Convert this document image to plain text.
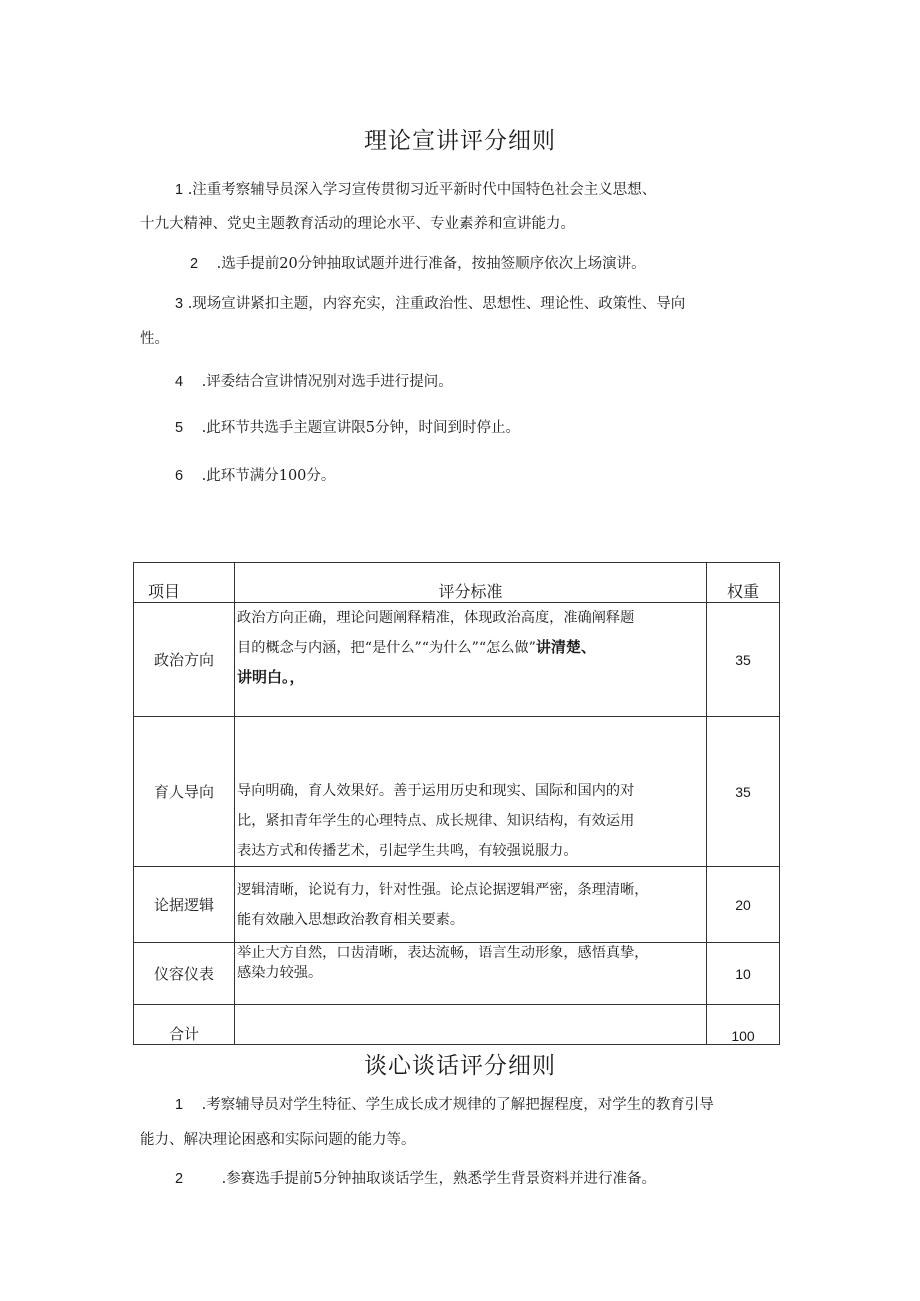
理论宣讲评分细则
1 .注重考察辅导员深入学习宣传贯彻习近平新时代中国特色社会主义思想、
十九大精神、党史主题教育活动的理论水平、专业素养和宣讲能力。
2 .选手提前20分钟抽取试题并进行准备，按抽签顺序依次上场演讲。
3 .现场宣讲紧扣主题，内容充实，注重政治性、思想性、理论性、政策性、导向
性。
4 .评委结合宣讲情况别对选手进行提问。
5 .此环节共选手主题宣讲限5分钟，时间到时停止。
6 .此环节满分100分。
项目	评分标准	权重
政治方向	政治方向正确，理论问题阐释精准，体现政治高度，准确阐释题
目的概念与内涵，把“是什么”“为什么”“怎么做”讲清楚、
讲明白。，	35
育人导向	导向明确，育人效果好。善于运用历史和现实、国际和国内的对
比，紧扣青年学生的心理特点、成长规律、知识结构，有效运用
表达方式和传播艺术，引起学生共鸣，有较强说服力。	35
论据逻辑	逻辑清晰，论说有力，针对性强。论点论据逻辑严密，条理清晰，
能有效融入思想政治教育相关要素。	20
仪容仪表	举止大方自然，口齿清晰，表达流畅，语言生动形象，感悟真挚，
感染力较强。	10
合计		100
谈心谈话评分细则
1 .考察辅导员对学生特征、学生成长成才规律的了解把握程度，对学生的教育引导
能力、解决理论困惑和实际问题的能力等。
2	.参赛选手提前5分钟抽取谈话学生，熟悉学生背景资料并进行准备。
